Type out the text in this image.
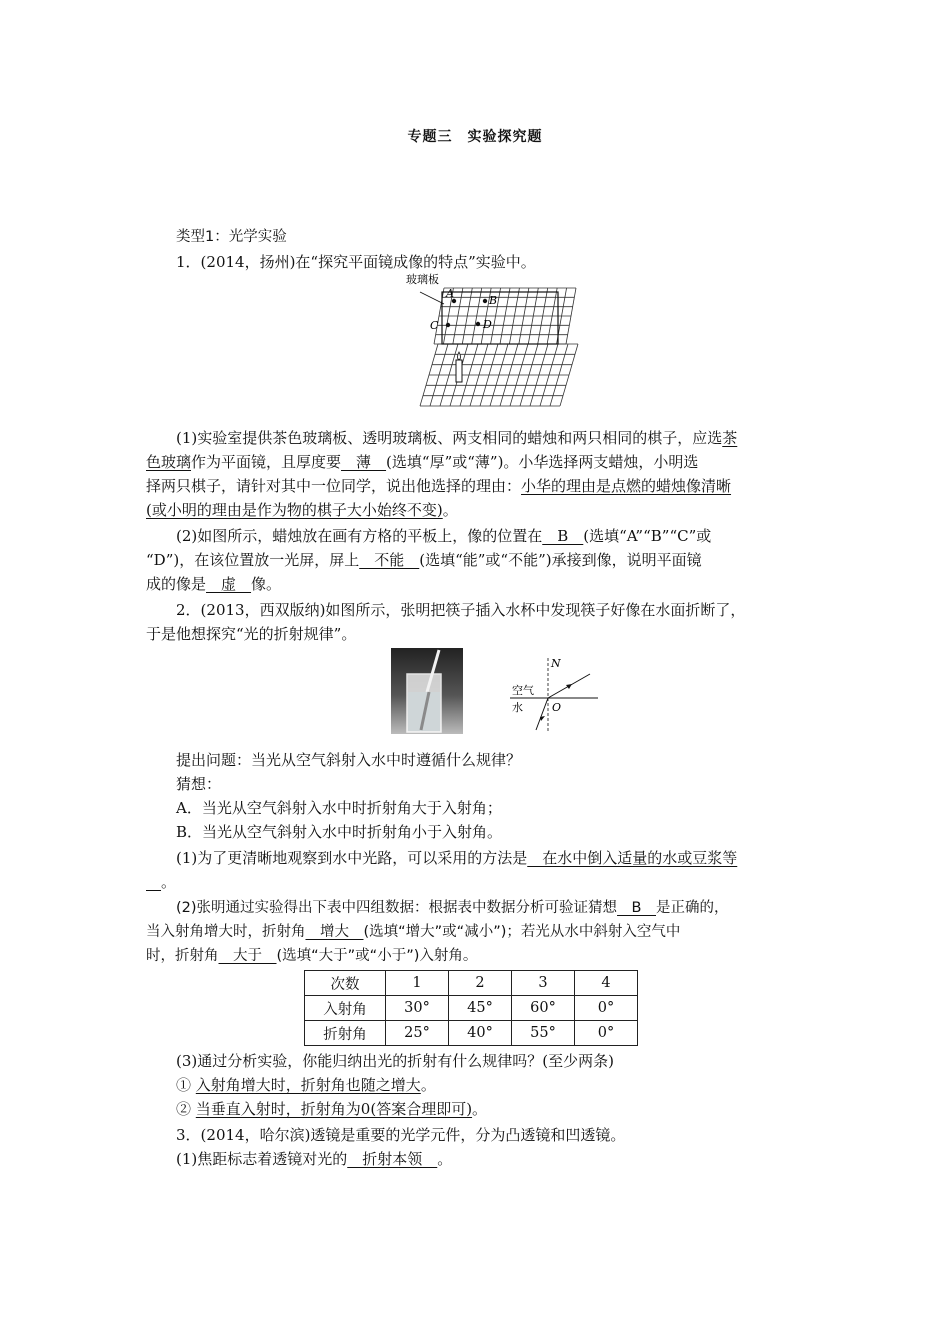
专题三　实验探究题
类型1：光学实验
1．(2014，扬州)在“探究平面镜成像的特点”实验中。
玻璃板
A
B
C	D
(1)实验室提供茶色玻璃板、透明玻璃板、两支相同的蜡烛和两只相同的棋子，应选茶
色玻璃作为平面镜，且厚度要　薄　(选填“厚”或“薄”)。小华选择两支蜡烛，小明选
择两只棋子，请针对其中一位同学，说出他选择的理由：小华的理由是点燃的蜡烛像清晰
(或小明的理由是作为物的棋子大小始终不变)。
(2)如图所示，蜡烛放在画有方格的平板上，像的位置在　B　(选填“A”“B”“C”或
“D”)，在该位置放一光屏，屏上　不能　(选填“能”或“不能”)承接到像，说明平面镜
成的像是　虚　像。
2．(2013，西双版纳)如图所示，张明把筷子插入水杯中发现筷子好像在水面折断了，
于是他想探究“光的折射规律”。
N
空气
水	O
提出问题：当光从空气斜射入水中时遵循什么规律？
猜想：
A．当光从空气斜射入水中时折射角大于入射角；
B．当光从空气斜射入水中时折射角小于入射角。
(1)为了更清晰地观察到水中光路，可以采用的方法是　在水中倒入适量的水或豆浆等
　。
(2)张明通过实验得出下表中四组数据：根据表中数据分析可验证猜想　B　是正确的，
当入射角增大时，折射角　增大　(选填“增大”或“减小”)；若光从水中斜射入空气中
时，折射角　大于　(选填“大于”或“小于”)入射角。
次数	1	2	3	4
入射角	30°	45°	60°	0°
折射角	25°	40°	55°	0°
(3)通过分析实验，你能归纳出光的折射有什么规律吗？(至少两条)
① 入射角增大时，折射角也随之增大。
② 当垂直入射时，折射角为0(答案合理即可)。
3．(2014，哈尔滨)透镜是重要的光学元件，分为凸透镜和凹透镜。
(1)焦距标志着透镜对光的　折射本领　。
